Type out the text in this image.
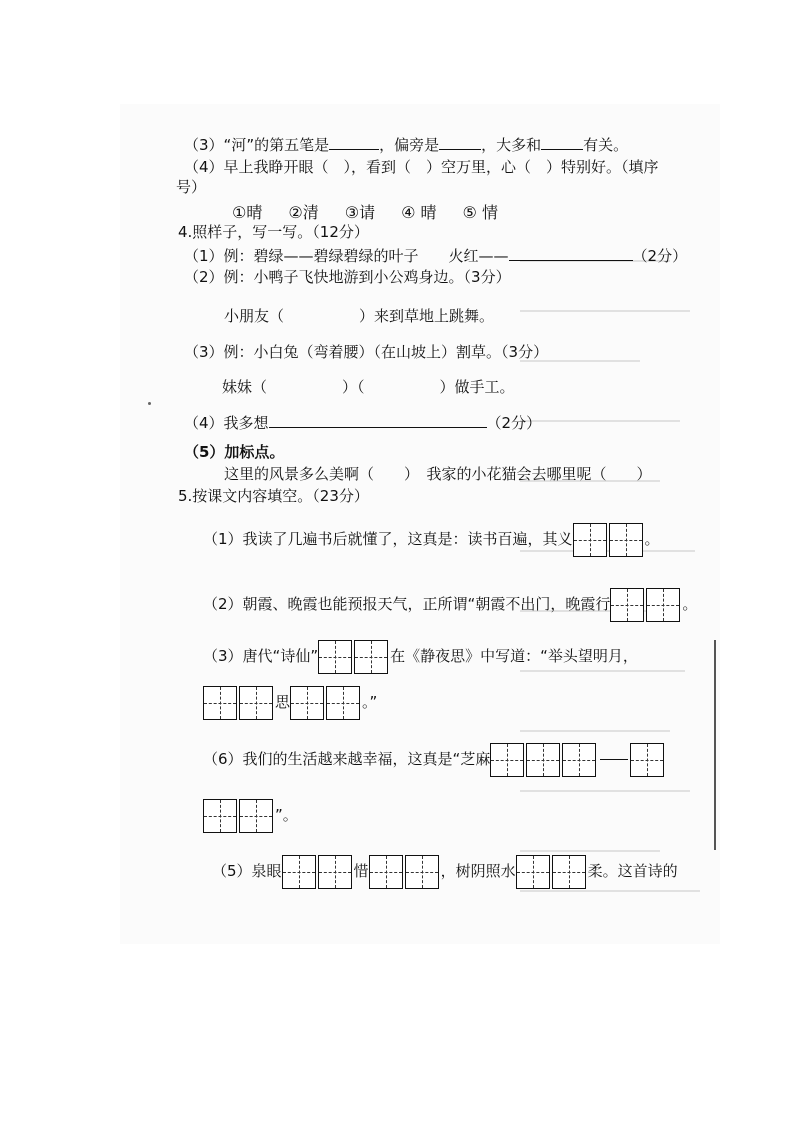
（3）“河”的第五笔是	，偏旁是	，大多和	有关。
（4）早上我睁开眼（　），看到（　）空万里，心（　）特别好。（填序
号）
①晴 ②清 ③请 ④ 晴 ⑤ 情
4.照样子，写一写。（12分）
（1）例：碧绿——碧绿碧绿的叶子　　火红——	（2分）
（2）例：小鸭子飞快地游到小公鸡身边。（3分）
小朋友（　　　　　）来到草地上跳舞。
（3）例：小白兔（弯着腰）（在山坡上）割草。（3分）
妹妹（　　　　　）（　　　　　）做手工。
（4）我多想	（2分）
（5）加标点。
这里的风景多么美啊（　　）　我家的小花猫会去哪里呢（　　）
5.按课文内容填空。（23分）
（1）我读了几遍书后就懂了，这真是：读书百遍，其义	。
（2）朝霞、晚霞也能预报天气，正所谓“朝霞不出门，晚霞行	。
（3）唐代“诗仙”	在《静夜思》中写道：“举头望明月，
思	。”
（6）我们的生活越来越幸福，这真是“芝麻
”。
（5）泉眼	惜	，树阴照水	柔。这首诗的
